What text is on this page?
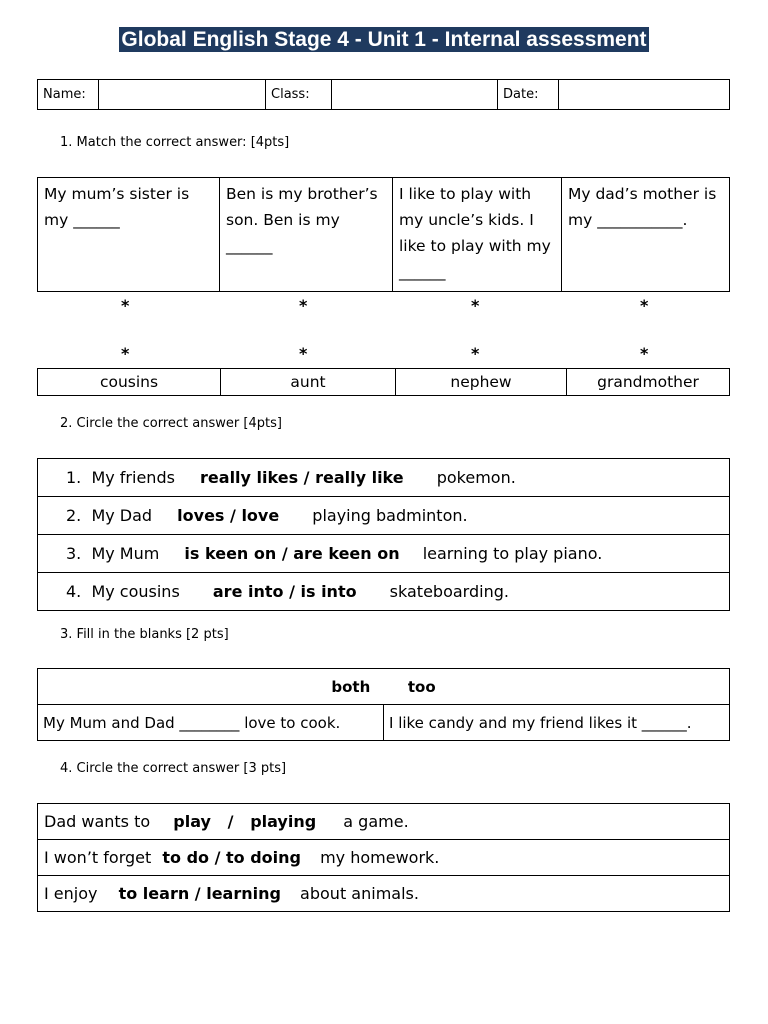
Global English Stage 4 - Unit 1 - Internal assessment
Name:		Class:		Date:	
1. Match the correct answer: [4pts]
My mum’s sister is my ______	Ben is my brother’s son. Ben is my ______	I like to play with my uncle’s kids. I like to play with my ______	My dad’s mother is my ___________.
*	*	*	*
*	*	*	*
cousins	aunt	nephew	grandmother
2. Circle the correct answer [4pts]
1. My friends really likes / really like pokemon.
2. My Dad loves / love playing badminton.
3. My Mum is keen on / are keen on learning to play piano.
4. My cousins are into / is into skateboarding.
3. Fill in the blanks [2 pts]
both	too
My Mum and Dad ________ love to cook.	I like candy and my friend likes it ______.
4. Circle the correct answer [3 pts]
Dad wants to play   /   playing a game.
I won’t forget to do / to doing my homework.
I enjoy to learn / learning about animals.
